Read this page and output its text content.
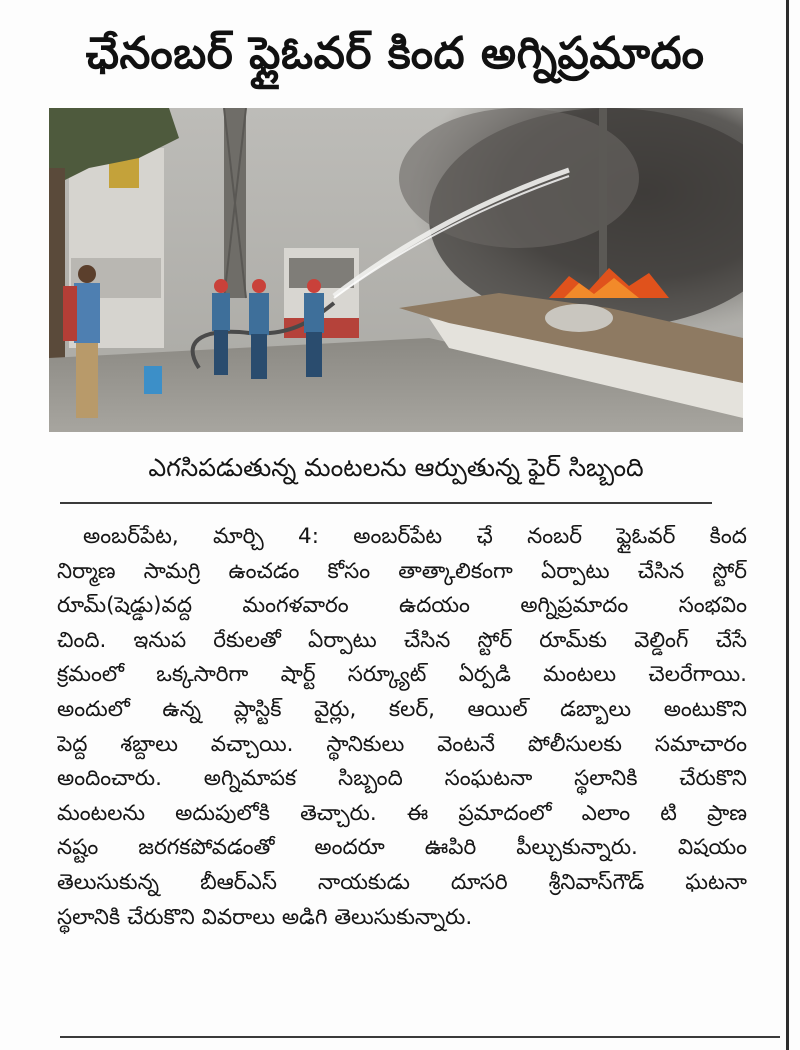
ఛేనంబర్ ఫ్లైఓవర్ కింద అగ్నిప్రమాదం
ఎగసిపడుతున్న మంటలను ఆర్పుతున్న ఫైర్ సిబ్బంది
అంబర్‌పేట, మార్చి 4: అంబర్‌పేట ఛే నంబర్ ఫ్లైఓవర్ కింద
నిర్మాణ సామగ్రి ఉంచడం కోసం తాత్కాలికంగా ఏర్పాటు చేసిన స్టోర్
రూమ్(షెడ్డు)వద్ద మంగళవారం ఉదయం అగ్నిప్రమాదం సంభవిం
చింది. ఇనుప రేకులతో ఏర్పాటు చేసిన స్టోర్ రూమ్‌కు వెల్డింగ్ చేసే
క్రమంలో ఒక్కసారిగా షార్ట్ సర్క్యూట్ ఏర్పడి మంటలు చెలరేగాయి.
అందులో ఉన్న ప్లాస్టిక్ వైర్లు, కలర్, ఆయిల్ డబ్బాలు అంటుకొని
పెద్ద శబ్దాలు వచ్చాయి. స్థానికులు వెంటనే పోలీసులకు సమాచారం
అందించారు. అగ్నిమాపక సిబ్బంది సంఘటనా స్థలానికి చేరుకొని
మంటలను అదుపులోకి తెచ్చారు. ఈ ప్రమాదంలో ఎలాం టి ప్రాణ
నష్టం జరగకపోవడంతో అందరూ ఊపిరి పీల్చుకున్నారు. విషయం
తెలుసుకున్న బీఆర్ఎస్ నాయకుడు దూసరి శ్రీనివాస్‌గౌడ్ ఘటనా
స్థలానికి చేరుకొని వివరాలు అడిగి తెలుసుకున్నారు.
